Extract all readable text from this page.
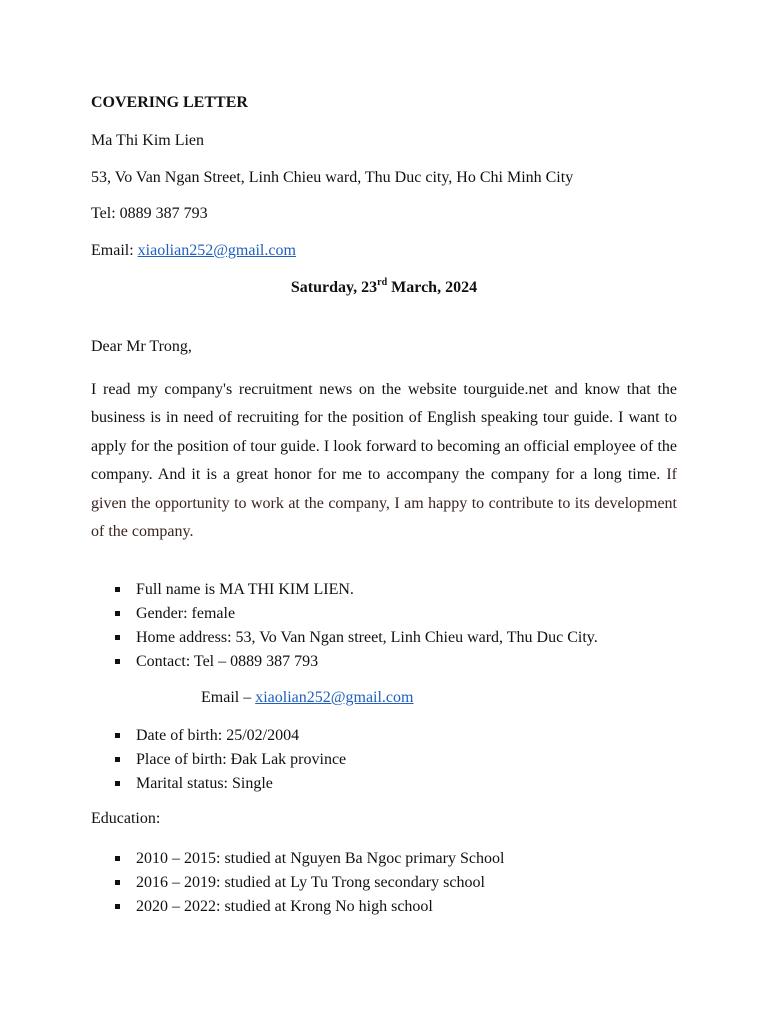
COVERING LETTER
Ma Thi Kim Lien
53, Vo Van Ngan Street, Linh Chieu ward, Thu Duc city, Ho Chi Minh City
Tel: 0889 387 793
Email: xiaolian252@gmail.com
Saturday, 23rd March, 2024
Dear Mr Trong,

I read my company's recruitment news on the website tourguide.net and know that the business is in need of recruiting for the position of English speaking tour guide. I want to apply for the position of tour guide. I look forward to becoming an official employee of the company. And it is a great honor for me to accompany the company for a long time. If given the opportunity to work at the company, I am happy to contribute to its development of the company.

Full name is MA THI KIM LIEN.
Gender: female
Home address: 53, Vo Van Ngan street, Linh Chieu ward, Thu Duc City.
Contact: Tel – 0889 387 793
Email – xiaolian252@gmail.com
Date of birth: 25/02/2004
Place of birth: Đak Lak province
Marital status: Single
Education:
2010 – 2015: studied at Nguyen Ba Ngoc primary School
2016 – 2019: studied at Ly Tu Trong secondary school
2020 – 2022: studied at Krong No high school
